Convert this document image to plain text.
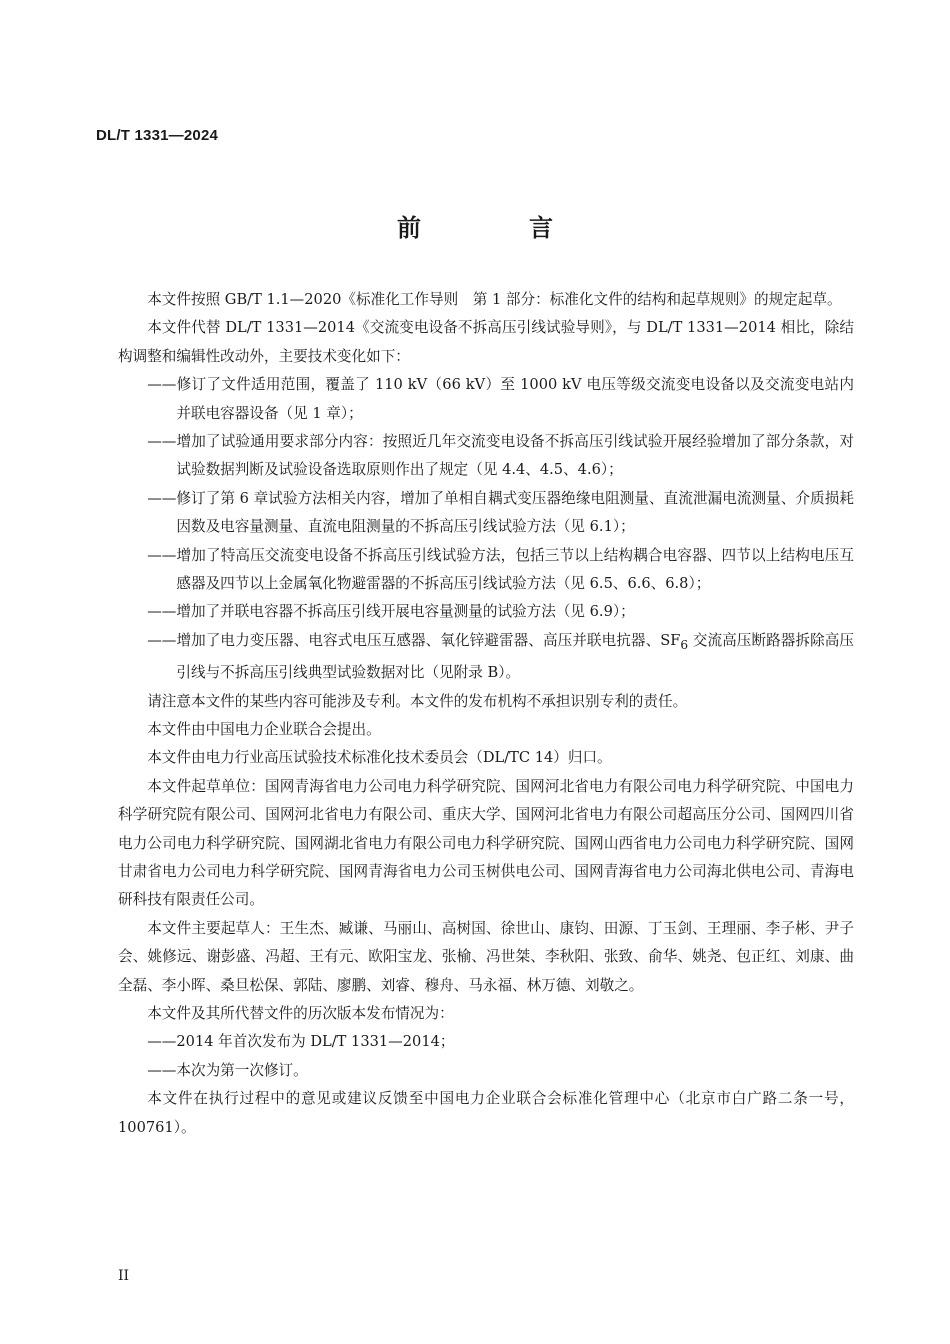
DL/T 1331—2024
前　言

本文件按照 GB/T 1.1—2020《标准化工作导则　第 1 部分：标准化文件的结构和起草规则》的规定起草。

本文件代替 DL/T 1331—2014《交流变电设备不拆高压引线试验导则》，与 DL/T 1331—2014 相比，除结构调整和编辑性改动外，主要技术变化如下：

——修订了文件适用范围，覆盖了 110 kV（66 kV）至 1000 kV 电压等级交流变电设备以及交流变电站内并联电容器设备（见 1 章）；
——增加了试验通用要求部分内容：按照近几年交流变电设备不拆高压引线试验开展经验增加了部分条款，对试验数据判断及试验设备选取原则作出了规定（见 4.4、4.5、4.6）；
——修订了第 6 章试验方法相关内容，增加了单相自耦式变压器绝缘电阻测量、直流泄漏电流测量、介质损耗因数及电容量测量、直流电阻测量的不拆高压引线试验方法（见 6.1）；
——增加了特高压交流变电设备不拆高压引线试验方法，包括三节以上结构耦合电容器、四节以上结构电压互感器及四节以上金属氧化物避雷器的不拆高压引线试验方法（见 6.5、6.6、6.8）；
——增加了并联电容器不拆高压引线开展电容量测量的试验方法（见 6.9）；
——增加了电力变压器、电容式电压互感器、氧化锌避雷器、高压并联电抗器、$SF_6$ 交流高压断路器拆除高压引线与不拆高压引线典型试验数据对比（见附录 B）。

请注意本文件的某些内容可能涉及专利。本文件的发布机构不承担识别专利的责任。

本文件由中国电力企业联合会提出。

本文件由电力行业高压试验技术标准化技术委员会（DL/TC 14）归口。

本文件起草单位：国网青海省电力公司电力科学研究院、国网河北省电力有限公司电力科学研究院、中国电力科学研究院有限公司、国网河北省电力有限公司、重庆大学、国网河北省电力有限公司超高压分公司、国网四川省电力公司电力科学研究院、国网湖北省电力有限公司电力科学研究院、国网山西省电力公司电力科学研究院、国网甘肃省电力公司电力科学研究院、国网青海省电力公司玉树供电公司、国网青海省电力公司海北供电公司、青海电研科技有限责任公司。

本文件主要起草人：王生杰、臧谦、马丽山、高树国、徐世山、康钧、田源、丁玉剑、王理丽、李子彬、尹子会、姚修远、谢彭盛、冯超、王有元、欧阳宝龙、张榆、冯世桀、李秋阳、张致、俞华、姚尧、包正红、刘康、曲全磊、李小晖、桑旦松保、郭陆、廖鹏、刘睿、穆舟、马永福、林万德、刘敬之。

本文件及其所代替文件的历次版本发布情况为：

——2014 年首次发布为 DL/T 1331—2014；
——本次为第一次修订。

本文件在执行过程中的意见或建议反馈至中国电力企业联合会标准化管理中心（北京市白广路二条一号，100761）。

II
